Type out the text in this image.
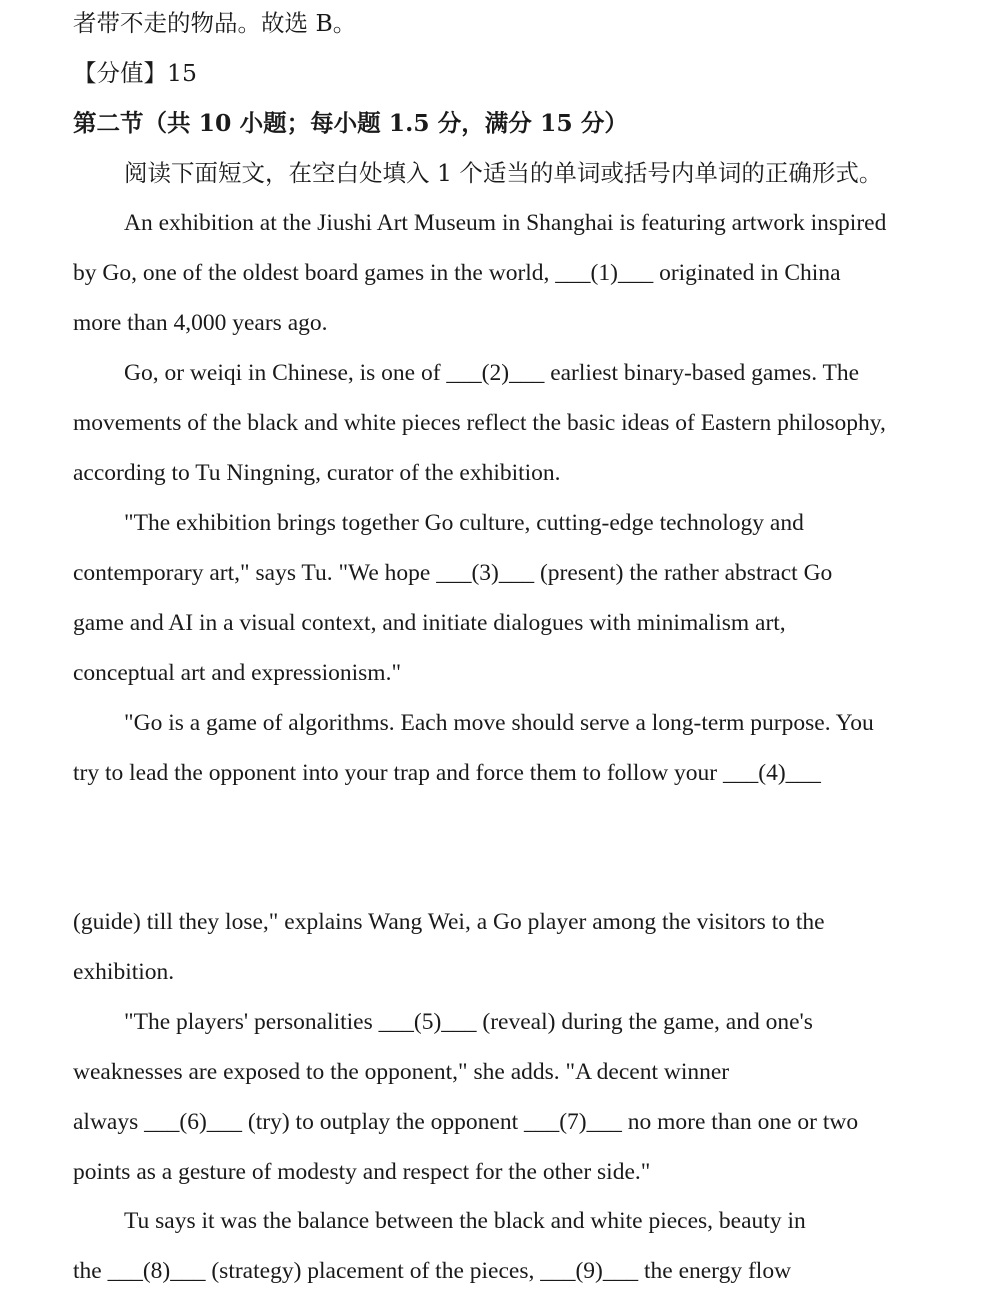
者带不走的物品。故选 B。
【分值】15
第二节（共 10 小题；每小题 1.5 分，满分 15 分）
阅读下面短文，在空白处填入 1 个适当的单词或括号内单词的正确形式。
An exhibition at the Jiushi Art Museum in Shanghai is featuring artwork inspired
by Go, one of the oldest board games in the world, ___(1)___ originated in China
more than 4,000 years ago.
Go, or weiqi in Chinese, is one of ___(2)___ earliest binary-based games. The
movements of the black and white pieces reflect the basic ideas of Eastern philosophy,
according to Tu Ningning, curator of the exhibition.
"The exhibition brings together Go culture, cutting-edge technology and
contemporary art," says Tu. "We hope ___(3)___ (present) the rather abstract Go
game and AI in a visual context, and initiate dialogues with minimalism art,
conceptual art and expressionism."
"Go is a game of algorithms. Each move should serve a long-term purpose. You
try to lead the opponent into your trap and force them to follow your ___(4)___
(guide) till they lose," explains Wang Wei, a Go player among the visitors to the
exhibition.
"The players' personalities ___(5)___ (reveal) during the game, and one's
weaknesses are exposed to the opponent," she adds. "A decent winner
always ___(6)___ (try) to outplay the opponent ___(7)___ no more than one or two
points as a gesture of modesty and respect for the other side."
Tu says it was the balance between the black and white pieces, beauty in
the ___(8)___ (strategy) placement of the pieces, ___(9)___ the energy flow
